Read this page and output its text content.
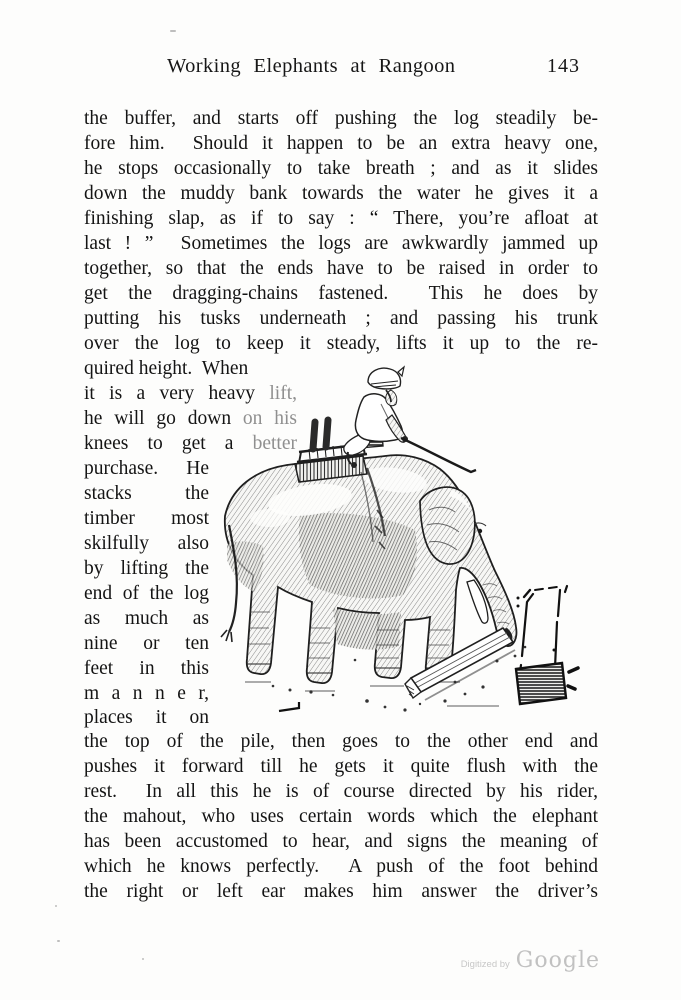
Working Elephants at Rangoon	143
the buffer, and starts off pushing the log steadily be-
fore him.  Should it happen to be an extra heavy one,
he stops occasionally to take breath ; and as it slides
down the muddy bank towards the water he gives it a
finishing slap, as if to say : “ There, you’re afloat at
last ! ”  Sometimes the logs are awkwardly jammed up
together, so that the ends have to be raised in order to
get the dragging-chains fastened.  This he does by
putting his tusks underneath ; and passing his trunk
over the log to keep it steady, lifts it up to the re-
quired height.  When
it is a very heavy lift,
he will go down on his
knees to get a better
purchase. He
stacks the
timber most
skilfully also
by lifting the
end of the log
as much as
nine or ten
feet in this
m a n n e r,
places it on
the top of the pile, then goes to the other end and
pushes it forward till he gets it quite flush with the
rest.  In all this he is of course directed by his rider,
the mahout, who uses certain words which the elephant
has been accustomed to hear, and signs the meaning of
which he knows perfectly.  A push of the foot behind
the right or left ear makes him answer the driver’s
Digitized by Google
